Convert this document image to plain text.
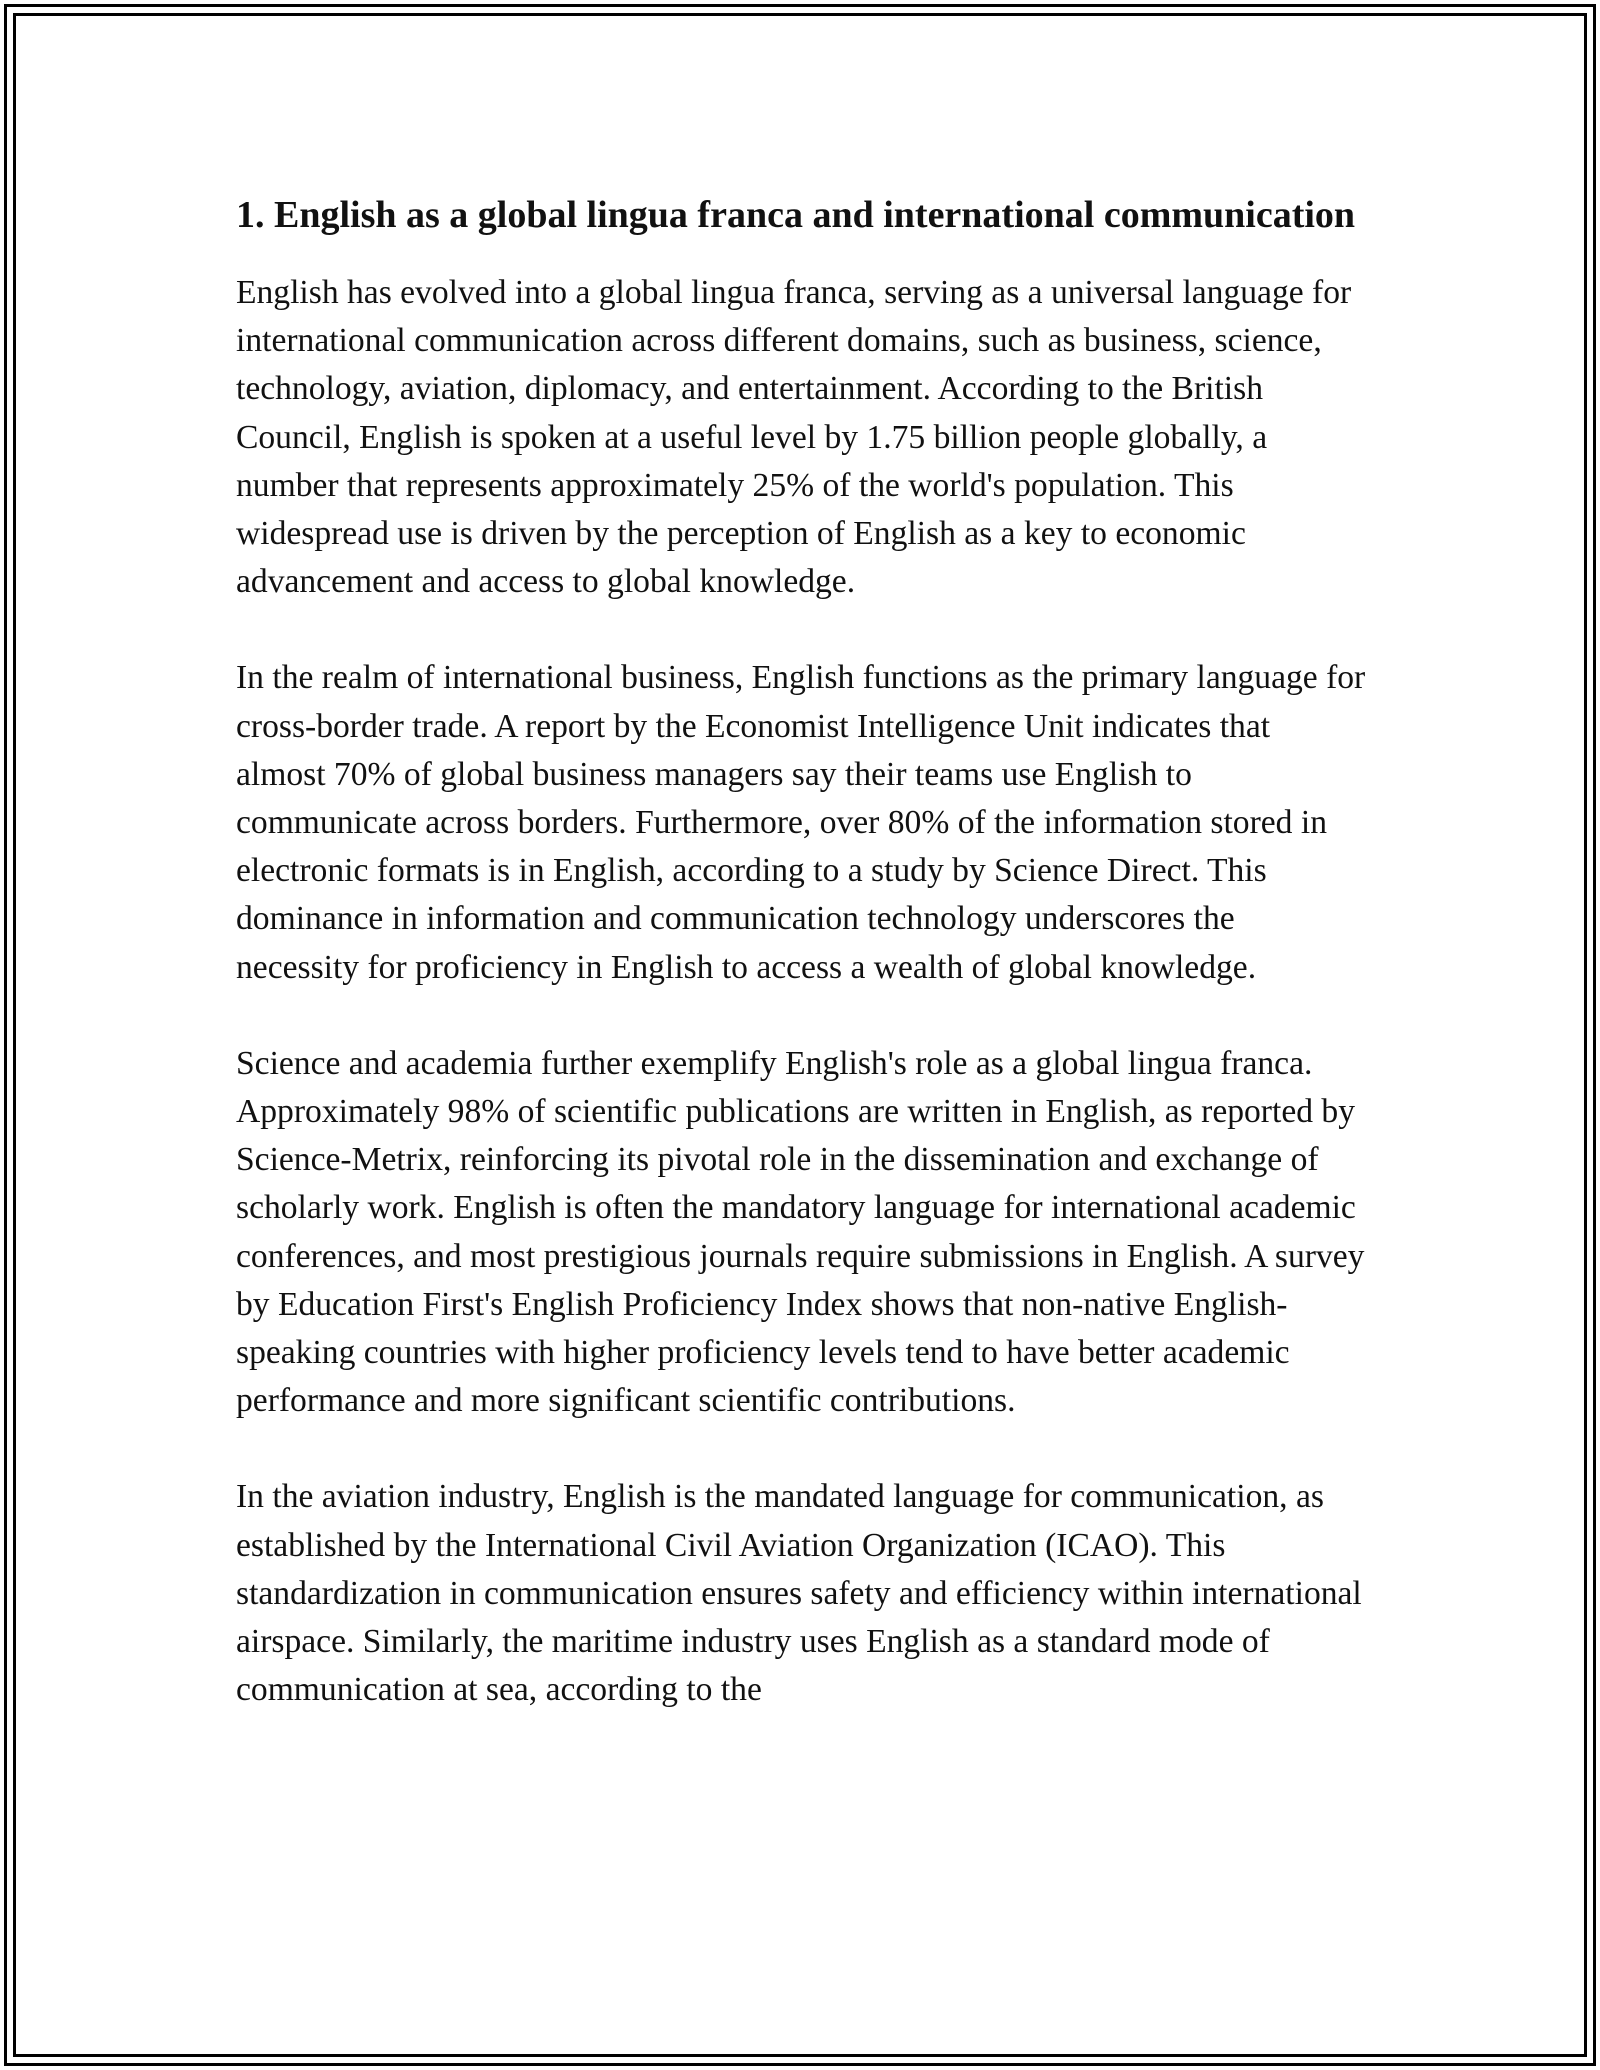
1. English as a global lingua franca and international communication

English has evolved into a global lingua franca, serving as a universal language for international communication across different domains, such as business, science, technology, aviation, diplomacy, and entertainment. According to the British Council, English is spoken at a useful level by 1.75 billion people globally, a number that represents approximately 25% of the world's population. This widespread use is driven by the perception of English as a key to economic advancement and access to global knowledge.

In the realm of international business, English functions as the primary language for cross-border trade. A report by the Economist Intelligence Unit indicates that almost 70% of global business managers say their teams use English to communicate across borders. Furthermore, over 80% of the information stored in electronic formats is in English, according to a study by Science Direct. This dominance in information and communication technology underscores the necessity for proficiency in English to access a wealth of global knowledge.

Science and academia further exemplify English's role as a global lingua franca. Approximately 98% of scientific publications are written in English, as reported by Science-Metrix, reinforcing its pivotal role in the dissemination and exchange of scholarly work. English is often the mandatory language for international academic conferences, and most prestigious journals require submissions in English. A survey by Education First's English Proficiency Index shows that non-native English-speaking countries with higher proficiency levels tend to have better academic performance and more significant scientific contributions.

In the aviation industry, English is the mandated language for communication, as established by the International Civil Aviation Organization (ICAO). This standardization in communication ensures safety and efficiency within international airspace. Similarly, the maritime industry uses English as a standard mode of communication at sea, according to the
